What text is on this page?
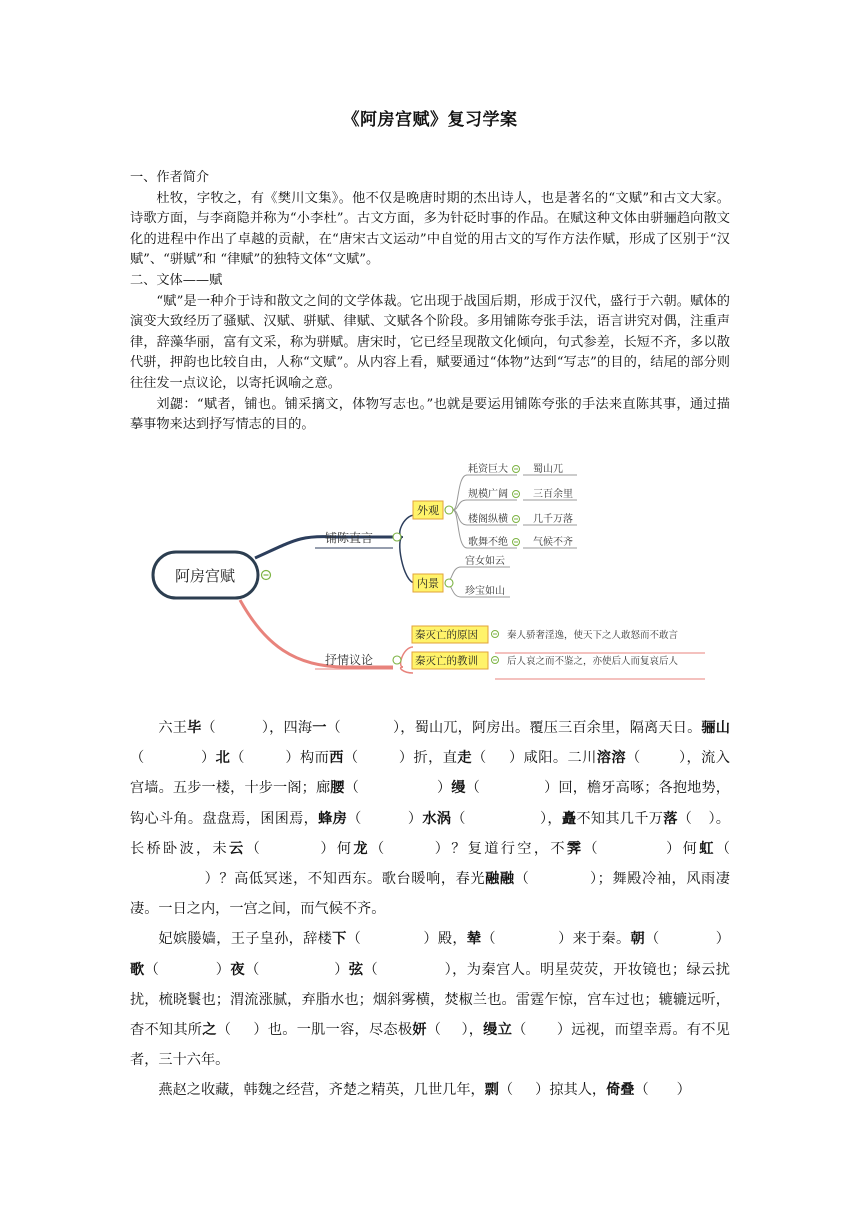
《阿房宫赋》复习学案
一、作者简介

杜牧，字牧之，有《樊川文集》。他不仅是晚唐时期的杰出诗人，也是著名的“文赋”和古文大家。诗歌方面，与李商隐并称为“小李杜”。古文方面，多为针砭时事的作品。在赋这种文体由骈骊趋向散文化的进程中作出了卓越的贡献，在“唐宋古文运动”中自觉的用古文的写作方法作赋，形成了区别于“汉赋”、“骈赋”和 “律赋”的独特文体“文赋”。

二、文体——赋

“赋”是一种介于诗和散文之间的文学体裁。它出现于战国后期，形成于汉代，盛行于六朝。赋体的演变大致经历了骚赋、汉赋、骈赋、律赋、文赋各个阶段。多用铺陈夸张手法，语言讲究对偶，注重声律，辞藻华丽，富有文采，称为骈赋。唐宋时，它已经呈现散文化倾向，句式参差，长短不齐，多以散代骈，押韵也比较自由，人称“文赋”。从内容上看，赋要通过“体物”达到“写志”的目的，结尾的部分则往往发一点议论，以寄托讽喻之意。

刘勰：“赋者，铺也。铺采摛文，体物写志也。”也就是要运用铺陈夸张的手法来直陈其事，通过描摹事物来达到抒写情志的目的。

阿房宫赋
铺陈直言
抒情议论
外观
内景
耗资巨大	蜀山兀
规模广阔	三百余里
楼阁纵横	几千万落
歌舞不绝	气候不齐
宫女如云
珍宝如山
秦灭亡的原因	秦人骄奢淫逸，使天下之人敢怒而不敢言
秦灭亡的教训	后人哀之而不鉴之，亦使后人而复哀后人

六王毕（	），四海一（	），蜀山兀，阿房出。覆压三百余里，隔离天日。骊山（	）北（	）构而西（	）折，直走（ ）咸阳。二川溶溶（	），流入宫墙。五步一楼，十步一阁；廊腰（	）缦（	）回，檐牙高啄；各抱地势，钩心斗角。盘盘焉，囷囷焉，蜂房（	）水涡（	），矗不知其几千万落（ ）。长桥卧波，未云（	）何龙（	）？复道行空，不霁（	）何虹（）？高低冥迷，不知西东。歌台暖响，春光融融（	）；舞殿冷袖，风雨凄凄。一日之内，一宫之间，而气候不齐。

妃嫔媵嫱，王子皇孙，辞楼下（	）殿，辇（	）来于秦。朝（	）歌（	）夜（	）弦（	），为秦宫人。明星荧荧，开妆镜也；绿云扰扰，梳晓鬟也；渭流涨腻，弃脂水也；烟斜雾横，焚椒兰也。雷霆乍惊，宫车过也；辘辘远听，杳不知其所之（ ）也。一肌一容，尽态极妍（ ），缦立（ ）远视，而望幸焉。有不见者，三十六年。

燕赵之收藏，韩魏之经营，齐楚之精英，几世几年，剽（ ）掠其人，倚叠（ ）
